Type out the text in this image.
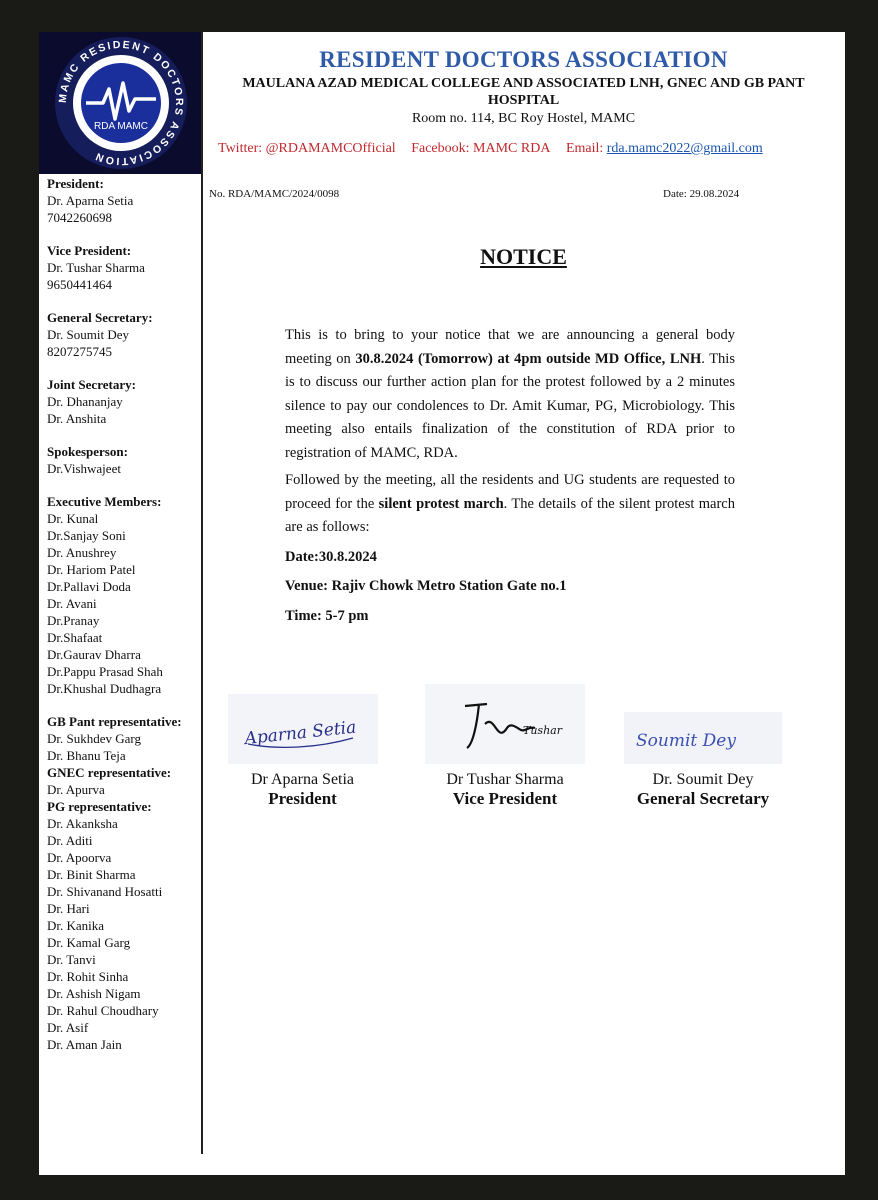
RDA MAMC
MAMC RESIDENT DOCTORS ASSOCIATION
RESIDENT DOCTORS ASSOCIATION
MAULANA AZAD MEDICAL COLLEGE AND ASSOCIATED LNH, GNEC AND GB PANT HOSPITAL
Room no. 114, BC Roy Hostel, MAMC
Twitter: @RDAMAMCOfficial Facebook: MAMC RDA Email: rda.mamc2022@gmail.com
President:
Dr. Aparna Setia
7042260698
Vice President:
Dr. Tushar Sharma
9650441464
General Secretary:
Dr. Soumit Dey
8207275745
Joint Secretary:
Dr. Dhananjay
Dr. Anshita
Spokesperson:
Dr.Vishwajeet
Executive Members:
Dr. Kunal
Dr.Sanjay Soni
Dr. Anushrey
Dr. Hariom Patel
Dr.Pallavi Doda
Dr. Avani
Dr.Pranay
Dr.Shafaat
Dr.Gaurav Dharra
Dr.Pappu Prasad Shah
Dr.Khushal Dudhagra
GB Pant representative:
Dr. Sukhdev Garg
Dr. Bhanu Teja
GNEC representative:
Dr. Apurva
PG representative:
Dr. Akanksha
Dr. Aditi
Dr. Apoorva
Dr. Binit Sharma
Dr. Shivanand Hosatti
Dr. Hari
Dr. Kanika
Dr. Kamal Garg
Dr. Tanvi
Dr. Rohit Sinha
Dr. Ashish Nigam
Dr. Rahul Choudhary
Dr. Asif
Dr. Aman Jain
No. RDA/MAMC/2024/0098	Date: 29.08.2024
NOTICE

This is to bring to your notice that we are announcing a general body meeting on 30.8.2024 (Tomorrow) at 4pm outside MD Office, LNH. This is to discuss our further action plan for the protest followed by a 2 minutes silence to pay our condolences to Dr. Amit Kumar, PG, Microbiology. This meeting also entails finalization of the constitution of RDA prior to registration of MAMC, RDA.

Followed by the meeting, all the residents and UG students are requested to proceed for the silent protest march. The details of the silent protest march are as follows:

Date:30.8.2024
Venue: Rajiv Chowk Metro Station Gate no.1
Time: 5-7 pm
Aparna Setia
Dr Aparna Setia
President
Tushar
Dr Tushar Sharma
Vice President
Soumit Dey
Dr. Soumit Dey
General Secretary
